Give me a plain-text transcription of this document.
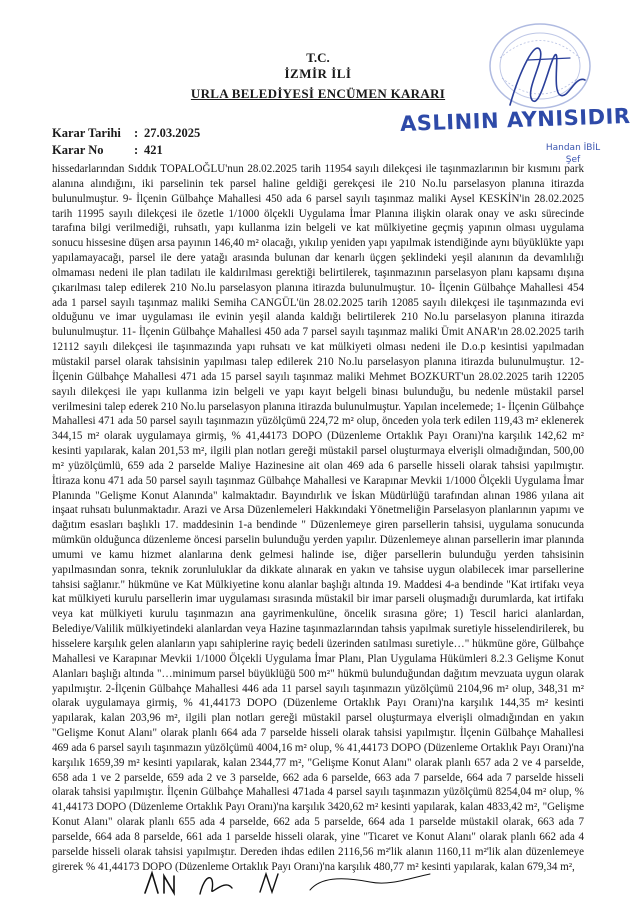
T.C.
İZMİR İLİ
URLA BELEDİYESİ ENCÜMEN KARARI
ASLININ AYNISIDIR
Handan İBİL
Şef
Karar Tarihi : 27.03.2025
Karar No : 421

hissedarlarından Sıddık TOPALOĞLU'nun 28.02.2025 tarih 11954 sayılı dilekçesi ile taşınmazlarının bir kısmını park alanına alındığını, iki parselinin tek parsel haline geldiği gerekçesi ile 210 No.lu parselasyon planına itirazda bulunulmuştur. 9- İlçenin Gülbahçe Mahallesi 450 ada 6 parsel sayılı taşınmaz maliki Aysel KESKİN'in 28.02.2025 tarih 11995 sayılı dilekçesi ile özetle 1/1000 ölçekli Uygulama İmar Planına ilişkin olarak onay ve askı sürecinde tarafına bilgi verilmediği, ruhsatlı, yapı kullanma izin belgeli ve kat mülkiyetine geçmiş yapının olması uygulama sonucu hissesine düşen arsa payının 146,40 m² olacağı, yıkılıp yeniden yapı yapılmak istendiğinde aynı büyüklükte yapı yapılamayacağı, parsel ile dere yatağı arasında bulunan dar kenarlı üçgen şeklindeki yeşil alanının da devamlılığı olmaması nedeni ile plan tadilatı ile kaldırılması gerektiği belirtilerek, taşınmazının parselasyon planı kapsamı dışına çıkarılması talep edilerek 210 No.lu parselasyon planına itirazda bulunulmuştur. 10- İlçenin Gülbahçe Mahallesi 454 ada 1 parsel sayılı taşınmaz maliki Semiha CANGÜL'ün 28.02.2025 tarih 12085 sayılı dilekçesi ile taşınmazında evi olduğunu ve imar uygulaması ile evinin yeşil alanda kaldığı belirtilerek 210 No.lu parselasyon planına itirazda bulunulmuştur. 11- İlçenin Gülbahçe Mahallesi 450 ada 7 parsel sayılı taşınmaz maliki Ümit ANAR'ın 28.02.2025 tarih 12112 sayılı dilekçesi ile taşınmazında yapı ruhsatı ve kat mülkiyeti olması nedeni ile D.o.p kesintisi yapılmadan müstakil parsel olarak tahsisinin yapılması talep edilerek 210 No.lu parselasyon planına itirazda bulunulmuştur. 12- İlçenin Gülbahçe Mahallesi 471 ada 15 parsel sayılı taşınmaz maliki Mehmet BOZKURT'un 28.02.2025 tarih 12205 sayılı dilekçesi ile yapı kullanma izin belgeli ve yapı kayıt belgeli binası bulunduğu, bu nedenle müstakil parsel verilmesini talep ederek 210 No.lu parselasyon planına itirazda bulunulmuştur. Yapılan incelemede; 1- İlçenin Gülbahçe Mahallesi 471 ada 50 parsel sayılı taşınmazın yüzölçümü 224,72 m² olup, önceden yola terk edilen 119,43 m² eklenerek 344,15 m² olarak uygulamaya girmiş, % 41,44173 DOPO (Düzenleme Ortaklık Payı Oranı)'na karşılık 142,62 m² kesinti yapılarak, kalan 201,53 m², ilgili plan notları gereği müstakil parsel oluşturmaya elverişli olmadığından, 500,00 m² yüzölçümlü, 659 ada 2 parselde Maliye Hazinesine ait olan 469 ada 6 parselle hisseli olarak tahsisi yapılmıştır. İtiraza konu 471 ada 50 parsel sayılı taşınmaz Gülbahçe Mahallesi ve Karapınar Mevkii 1/1000 Ölçekli Uygulama İmar Planında "Gelişme Konut Alanında" kalmaktadır. Bayındırlık ve İskan Müdürlüğü tarafından alınan 1986 yılana ait inşaat ruhsatı bulunmaktadır. Arazi ve Arsa Düzenlemeleri Hakkındaki Yönetmeliğin Parselasyon planlarının yapımı ve dağıtım esasları başlıklı 17. maddesinin 1-a bendinde " Düzenlemeye giren parsellerin tahsisi, uygulama sonucunda mümkün olduğunca düzenleme öncesi parselin bulunduğu yerden yapılır. Düzenlemeye alınan parsellerin imar planında umumi ve kamu hizmet alanlarına denk gelmesi halinde ise, diğer parsellerin bulunduğu yerden tahsisinin yapılmasından sonra, teknik zorunluluklar da dikkate alınarak en yakın ve tahsise uygun olabilecek imar parsellerine tahsisi sağlanır." hükmüne ve Kat Mülkiyetine konu alanlar başlığı altında 19. Maddesi 4-a bendinde "Kat irtifakı veya kat mülkiyeti kurulu parsellerin imar uygulaması sırasında müstakil bir imar parseli oluşmadığı durumlarda, kat irtifakı veya kat mülkiyeti kurulu taşınmazın ana gayrimenkulüne, öncelik sırasına göre; 1) Tescil harici alanlardan, Belediye/Valilik mülkiyetindeki alanlardan veya Hazine taşınmazlarından tahsis yapılmak suretiyle hisselendirilerek, bu hisselere karşılık gelen alanların yapı sahiplerine rayiç bedeli üzerinden satılması suretiyle…" hükmüne göre, Gülbahçe Mahallesi ve Karapınar Mevkii 1/1000 Ölçekli Uygulama İmar Planı, Plan Uygulama Hükümleri 8.2.3 Gelişme Konut Alanları başlığı altında "…minimum parsel büyüklüğü 500 m²" hükmü bulunduğundan dağıtım mevzuata uygun olarak yapılmıştır. 2-İlçenin Gülbahçe Mahallesi 446 ada 11 parsel sayılı taşınmazın yüzölçümü 2104,96 m² olup, 348,31 m² olarak uygulamaya girmiş, % 41,44173 DOPO (Düzenleme Ortaklık Payı Oranı)'na karşılık 144,35 m² kesinti yapılarak, kalan 203,96 m², ilgili plan notları gereği müstakil parsel oluşturmaya elverişli olmadığından en yakın "Gelişme Konut Alanı" olarak planlı 664 ada 7 parselde hisseli olarak tahsisi yapılmıştır. İlçenin Gülbahçe Mahallesi 469 ada 6 parsel sayılı taşınmazın yüzölçümü 4004,16 m² olup, % 41,44173 DOPO (Düzenleme Ortaklık Payı Oranı)'na karşılık 1659,39 m² kesinti yapılarak, kalan 2344,77 m², "Gelişme Konut Alanı" olarak planlı 657 ada 2 ve 4 parselde, 658 ada 1 ve 2 parselde, 659 ada 2 ve 3 parselde, 662 ada 6 parselde, 663 ada 7 parselde, 664 ada 7 parselde hisseli olarak tahsisi yapılmıştır. İlçenin Gülbahçe Mahallesi 471ada 4 parsel sayılı taşınmazın yüzölçümü 8254,04 m² olup, % 41,44173 DOPO (Düzenleme Ortaklık Payı Oranı)'na karşılık 3420,62 m² kesinti yapılarak, kalan 4833,42 m², "Gelişme Konut Alanı" olarak planlı 655 ada 4 parselde, 662 ada 5 parselde, 664 ada 1 parselde müstakil olarak, 663 ada 7 parselde, 664 ada 8 parselde, 661 ada 1 parselde hisseli olarak, yine "Ticaret ve Konut Alanı" olarak planlı 662 ada 4 parselde hisseli olarak tahsisi yapılmıştır. Dereden ihdas edilen 2116,56 m²'lik alanın 1160,11 m²'lik alan düzenlemeye girerek % 41,44173 DOPO (Düzenleme Ortaklık Payı Oranı)'na karşılık 480,77 m² kesinti yapılarak, kalan 679,34 m²,
